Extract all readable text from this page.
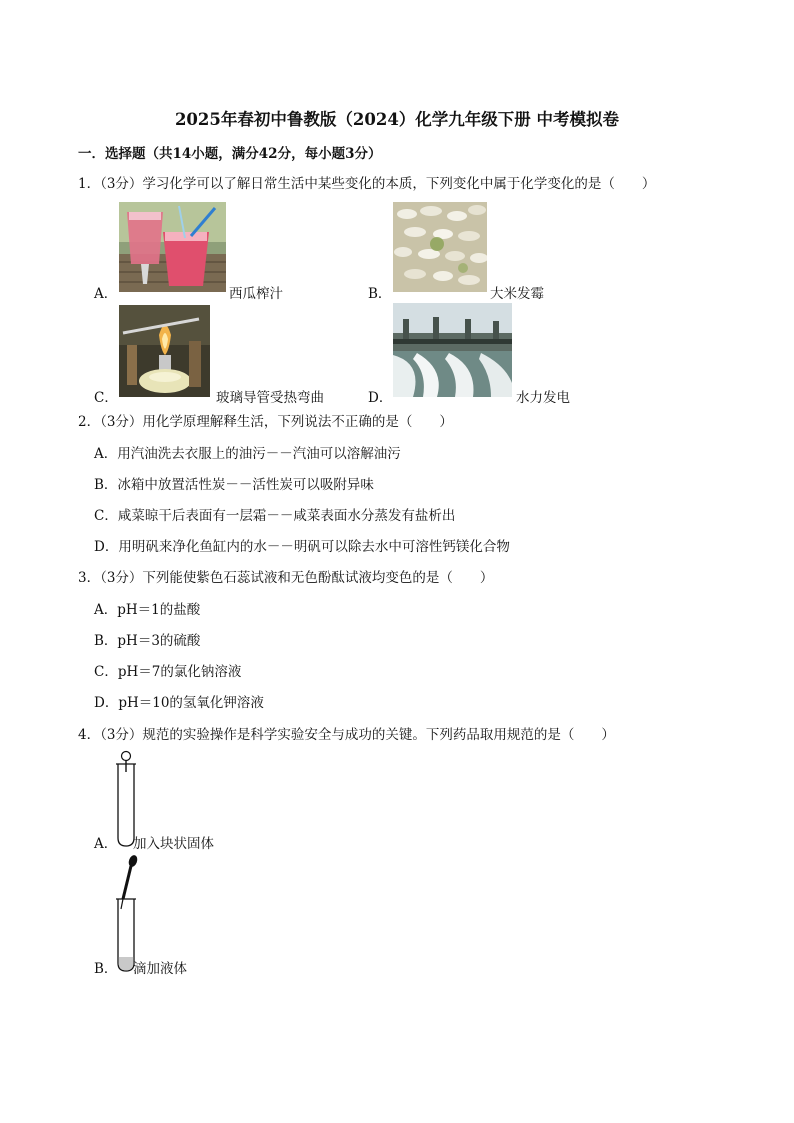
2025年春初中鲁教版（2024）化学九年级下册 中考模拟卷
一．选择题（共14小题，满分42分，每小题3分）
1．（3分）学习化学可以了解日常生活中某些变化的本质，下列变化中属于化学变化的是（　　）
A．	西瓜榨汁	B．	大米发霉
C．	玻璃导管受热弯曲	D．	水力发电
2．（3分）用化学原理解释生活，下列说法不正确的是（　　）
A．用汽油洗去衣服上的油污－－汽油可以溶解油污
B．冰箱中放置活性炭－－活性炭可以吸附异味
C．咸菜晾干后表面有一层霜－－咸菜表面水分蒸发有盐析出
D．用明矾来净化鱼缸内的水－－明矾可以除去水中可溶性钙镁化合物
3．（3分）下列能使紫色石蕊试液和无色酚酞试液均变色的是（　　）
A．pH＝1的盐酸
B．pH＝3的硫酸
C．pH＝7的氯化钠溶液
D．pH＝10的氢氧化钾溶液
4．（3分）规范的实验操作是科学实验安全与成功的关键。下列药品取用规范的是（　　）
A． 加入块状固体
B． 滴加液体
